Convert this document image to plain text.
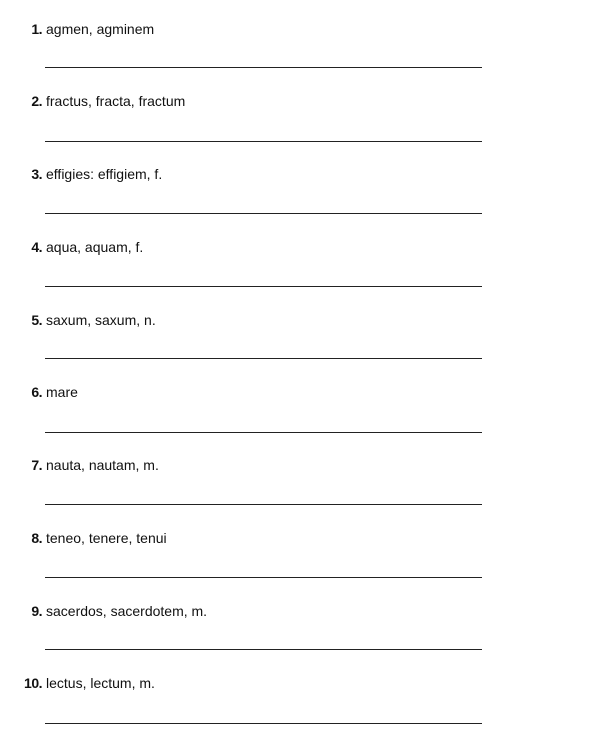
1. agmen, agminem
2. fractus, fracta, fractum
3. effigies: effigiem, f.
4. aqua, aquam, f.
5. saxum, saxum, n.
6. mare
7. nauta, nautam, m.
8. teneo, tenere, tenui
9. sacerdos, sacerdotem, m.
10. lectus, lectum, m.
